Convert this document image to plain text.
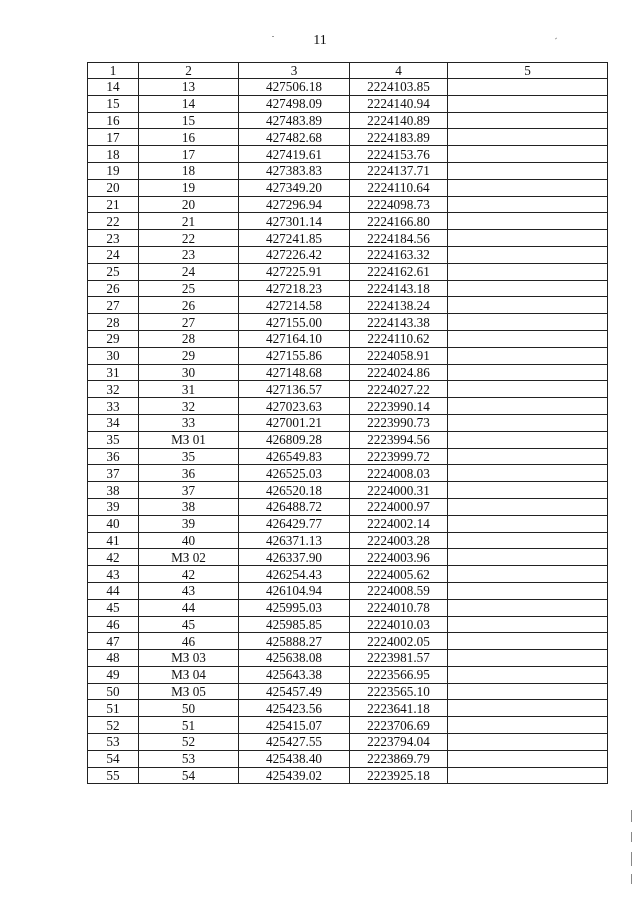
11
1	2	3	4	5
14	13	427506.18	2224103.85	
15	14	427498.09	2224140.94	
16	15	427483.89	2224140.89	
17	16	427482.68	2224183.89	
18	17	427419.61	2224153.76	
19	18	427383.83	2224137.71	
20	19	427349.20	2224110.64	
21	20	427296.94	2224098.73	
22	21	427301.14	2224166.80	
23	22	427241.85	2224184.56	
24	23	427226.42	2224163.32	
25	24	427225.91	2224162.61	
26	25	427218.23	2224143.18	
27	26	427214.58	2224138.24	
28	27	427155.00	2224143.38	
29	28	427164.10	2224110.62	
30	29	427155.86	2224058.91	
31	30	427148.68	2224024.86	
32	31	427136.57	2224027.22	
33	32	427023.63	2223990.14	
34	33	427001.21	2223990.73	
35	МЗ 01	426809.28	2223994.56	
36	35	426549.83	2223999.72	
37	36	426525.03	2224008.03	
38	37	426520.18	2224000.31	
39	38	426488.72	2224000.97	
40	39	426429.77	2224002.14	
41	40	426371.13	2224003.28	
42	МЗ 02	426337.90	2224003.96	
43	42	426254.43	2224005.62	
44	43	426104.94	2224008.59	
45	44	425995.03	2224010.78	
46	45	425985.85	2224010.03	
47	46	425888.27	2224002.05	
48	МЗ 03	425638.08	2223981.57	
49	МЗ 04	425643.38	2223566.95	
50	МЗ 05	425457.49	2223565.10	
51	50	425423.56	2223641.18	
52	51	425415.07	2223706.69	
53	52	425427.55	2223794.04	
54	53	425438.40	2223869.79	
55	54	425439.02	2223925.18	
